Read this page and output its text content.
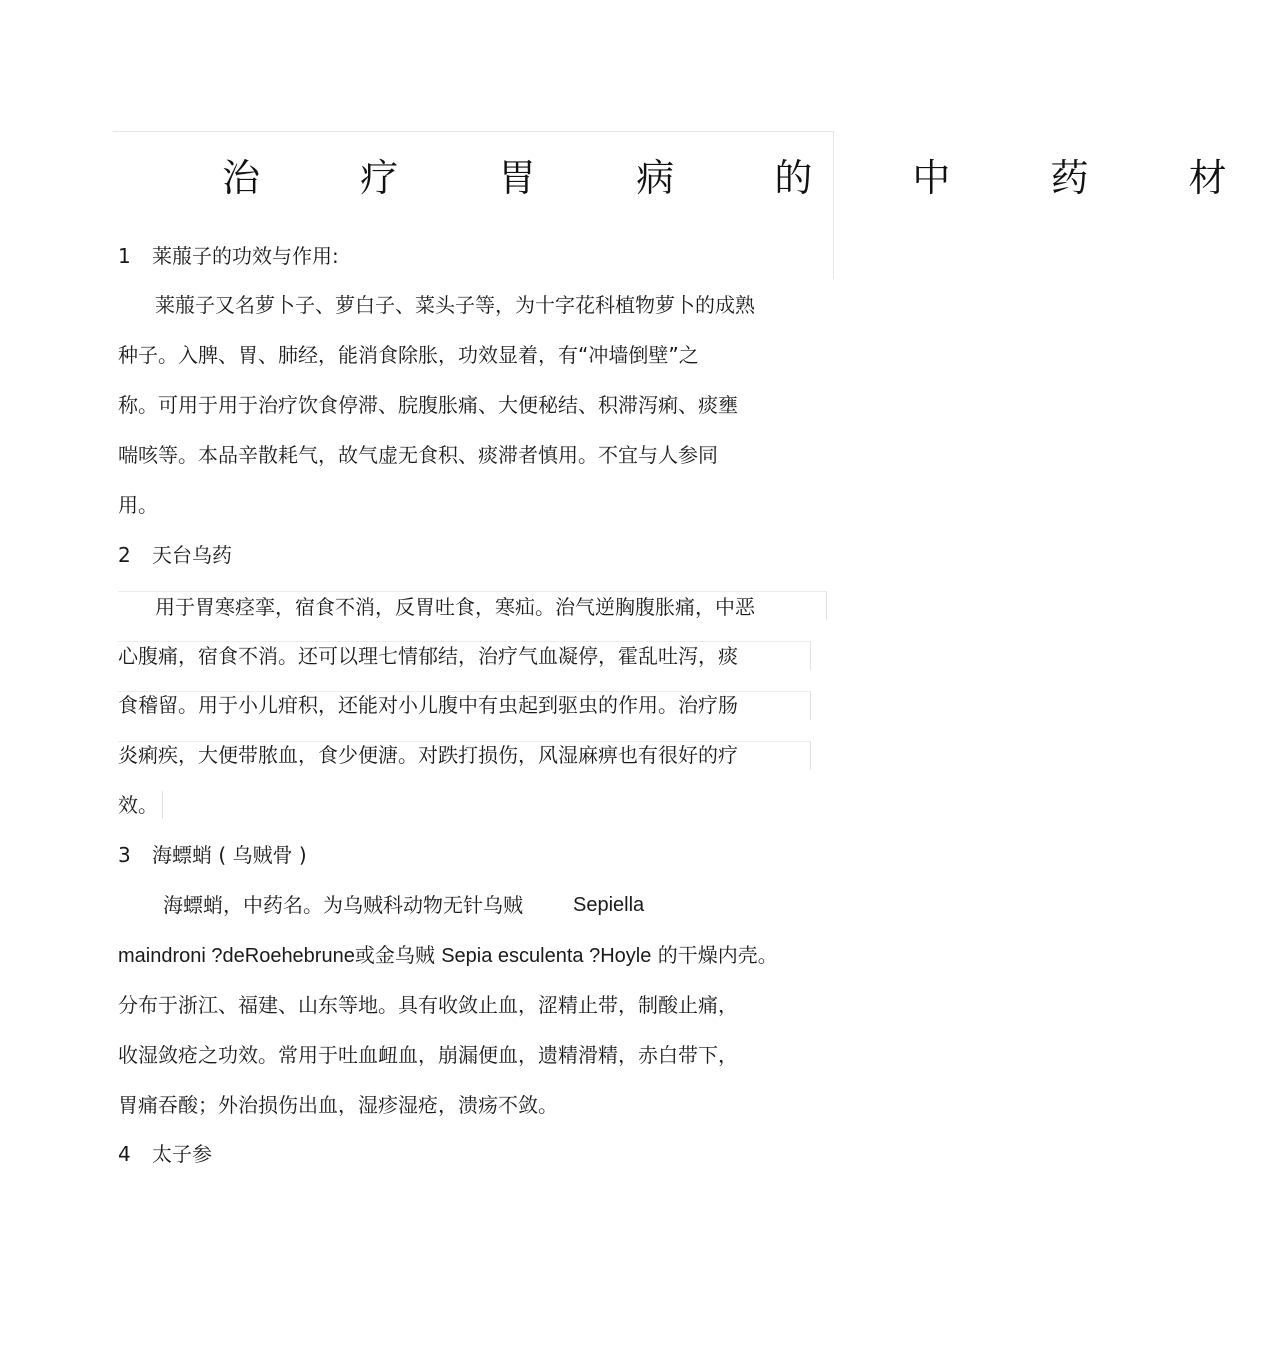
治 疗 胃 病 的 中 药 材
1 莱菔子的功效与作用:
莱菔子又名萝卜子、萝白子、菜头子等，为十字花科植物萝卜的成熟
种子。入脾、胃、肺经，能消食除胀，功效显着，有“冲墙倒壁”之
称。可用于用于治疗饮食停滞、脘腹胀痛、大便秘结、积滞泻痢、痰壅
喘咳等。本品辛散耗气，故气虚无食积、痰滞者慎用。不宜与人参同
用。
2 天台乌药
用于胃寒痉挛，宿食不消，反胃吐食，寒疝。治气逆胸腹胀痛，中恶
心腹痛，宿食不消。还可以理七情郁结，治疗气血凝停，霍乱吐泻，痰
食稽留。用于小儿疳积，还能对小儿腹中有虫起到驱虫的作用。治疗肠
炎痢疾，大便带脓血，食少便溏。对跌打损伤，风湿麻痹也有很好的疗
效。
3 海螵蛸 ( 乌贼骨 )
海螵蛸，中药名。为乌贼科动物无针乌贼	Sepiella
maindroni ?deRoehebrune或金乌贼 Sepia esculenta ?Hoyle 的干燥内壳。
分布于浙江、福建、山东等地。具有收敛止血，涩精止带，制酸止痛，
收湿敛疮之功效。常用于吐血衄血，崩漏便血，遗精滑精，赤白带下，
胃痛吞酸；外治损伤出血，湿疹湿疮，溃疡不敛。
4 太子参
